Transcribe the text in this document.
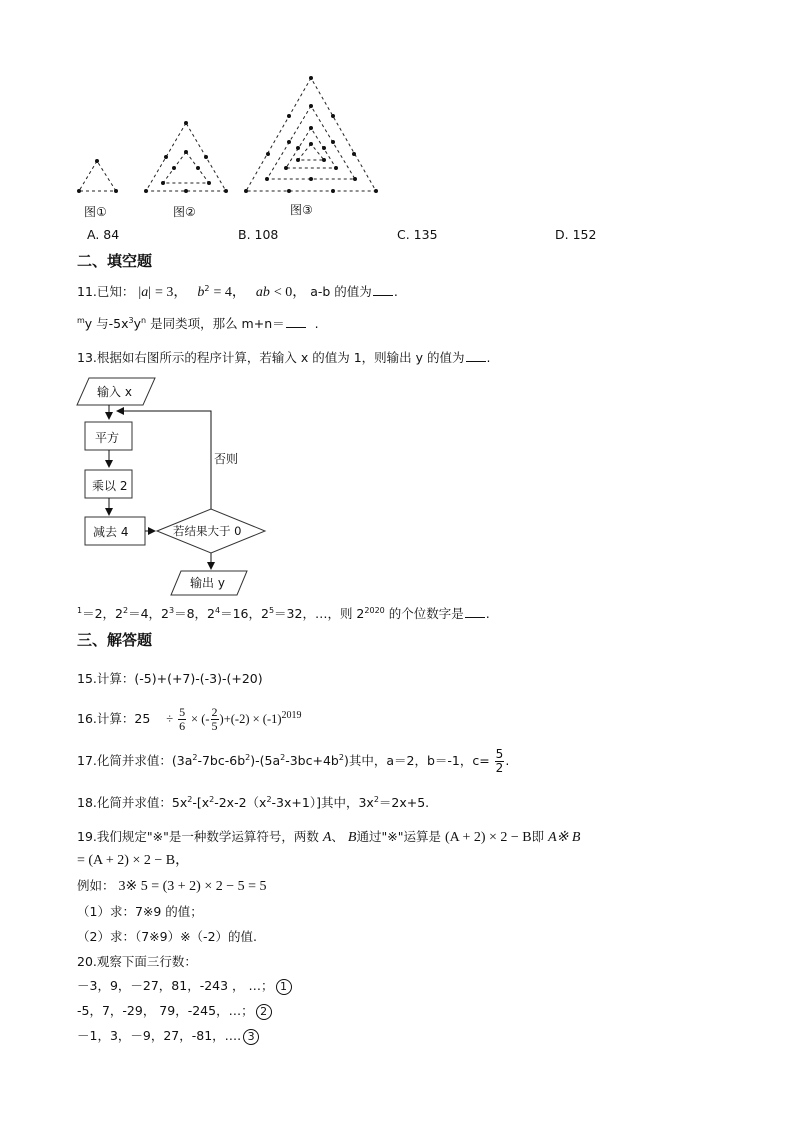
图①	图②	图③
A. 84	B. 108	C. 135	D. 152
二、填空题
11.已知： |a| = 3， $b^2 = 4$， ab < 0， a-b 的值为 .
$^m$y 与$-5x^3y^n$ 是同类项，那么 m+n＝ .
13.根据如右图所示的程序计算，若输入 x 的值为 1，则输出 y 的值为 .
输入 x
平方
乘以 2
减去 4	若结果大于 0
否则
输出 y
$^1$＝2，$2^2=4$，$2^3=8$，$2^4=16$，$2^5=32$，…，则 $2^{2020}$ 的个位数字是 .
三、解答题
15.计算：(-5)+(+7)-(-3)-(+20)
16.计算：$25 \div \frac{5}{6}$ × (- $\frac{2}{5} )+(-2) \times (-1)^{2019}$
17.化简并求值：$(3a^2-7bc-6b^2)-(5a^2-3bc+4b^2)$其中，a＝2，b＝-1，$c= \frac{5}{2}$ .
18.化简并求值：$5x^2-[x^2-2x-2(x^2-3x+1)]$其中，$3x^2=2x+5$.
19.我们规定"※"是一种数学运算符号，两数 A、 B通过"※"运算是 (A + 2) × 2 − B即 A※ B
= (A + 2) × 2 − B，
例如： 3※ 5 = (3 + 2) × 2 − 5 = 5
（1）求：7※9 的值；
（2）求：（7※9）※（-2）的值.
20.观察下面三行数：
－3，9，－27，81，-243 ， …； 1
-5，7，-29， 79，-245，…； 2
－1，3，－9，27，-81，…. 3
